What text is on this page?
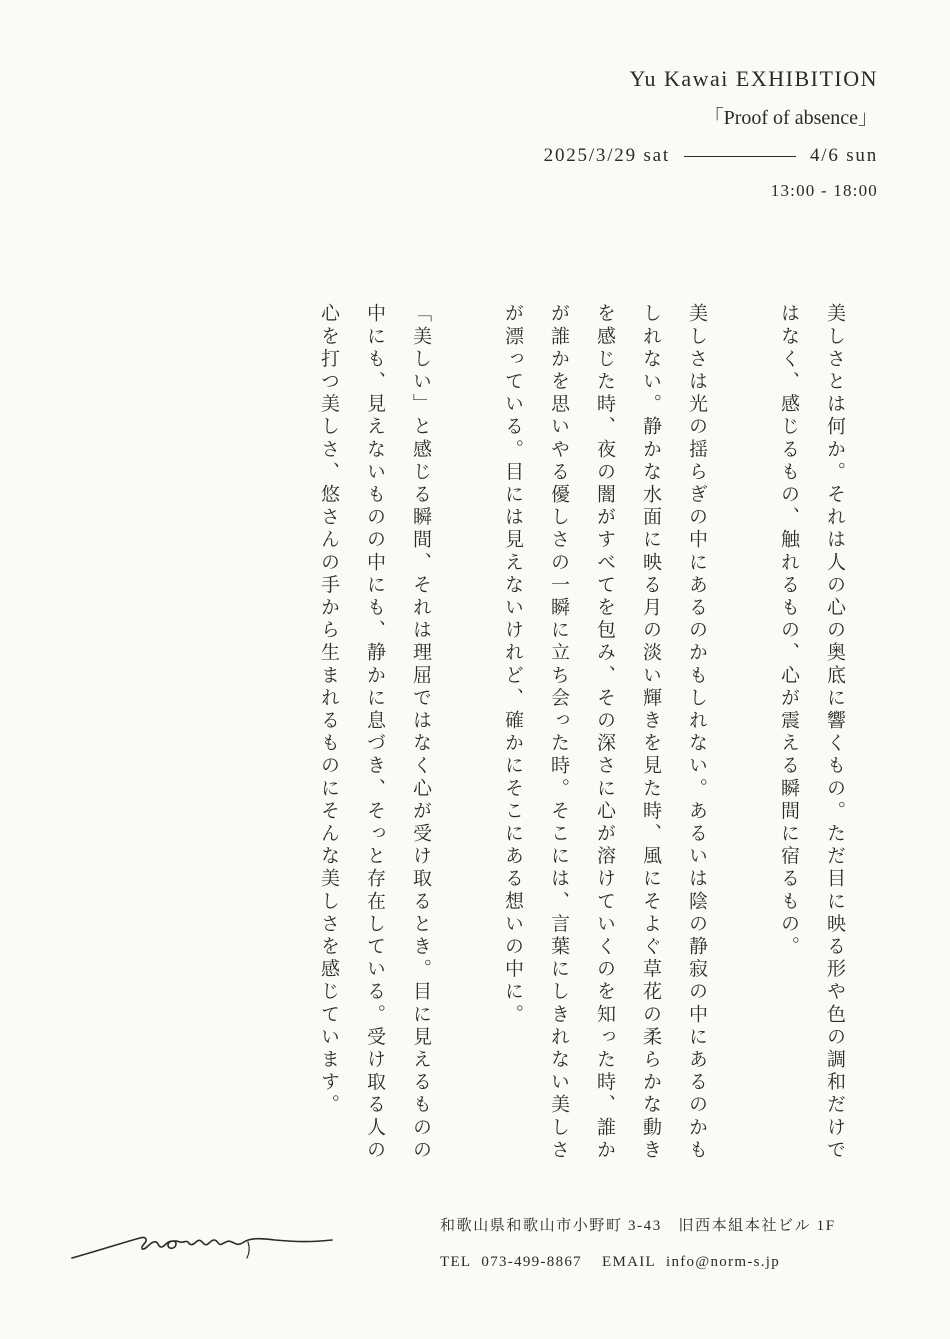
Yu Kawai EXHIBITION
「Proof of absence」
2025/3/29 sat	4/6 sun
13:00 - 18:00

美しさとは何か。それは人の心の奥底に響くもの。ただ目に映る形や色の調和だけではなく、感じるもの、触れるもの、心が震える瞬間に宿るもの。

美しさは光の揺らぎの中にあるのかもしれない。あるいは陰の静寂の中にあるのかもしれない。静かな水面に映る月の淡い輝きを見た時、風にそよぐ草花の柔らかな動きを感じた時、夜の闇がすべてを包み、その深さに心が溶けていくのを知った時、誰かが誰かを思いやる優しさの一瞬に立ち会った時。そこには、言葉にしきれない美しさが漂っている。目には見えないけれど、確かにそこにある想いの中に。

「美しい」と感じる瞬間、それは理屈ではなく心が受け取るとき。目に見えるものの中にも、見えないものの中にも、静かに息づき、そっと存在している。受け取る人の心を打つ美しさ、悠さんの手から生まれるものにそんな美しさを感じています。

和歌山県和歌山市小野町 3-43　旧西本組本社ビル 1F
TEL 073-499-8867 EMAIL info@norm-s.jp
